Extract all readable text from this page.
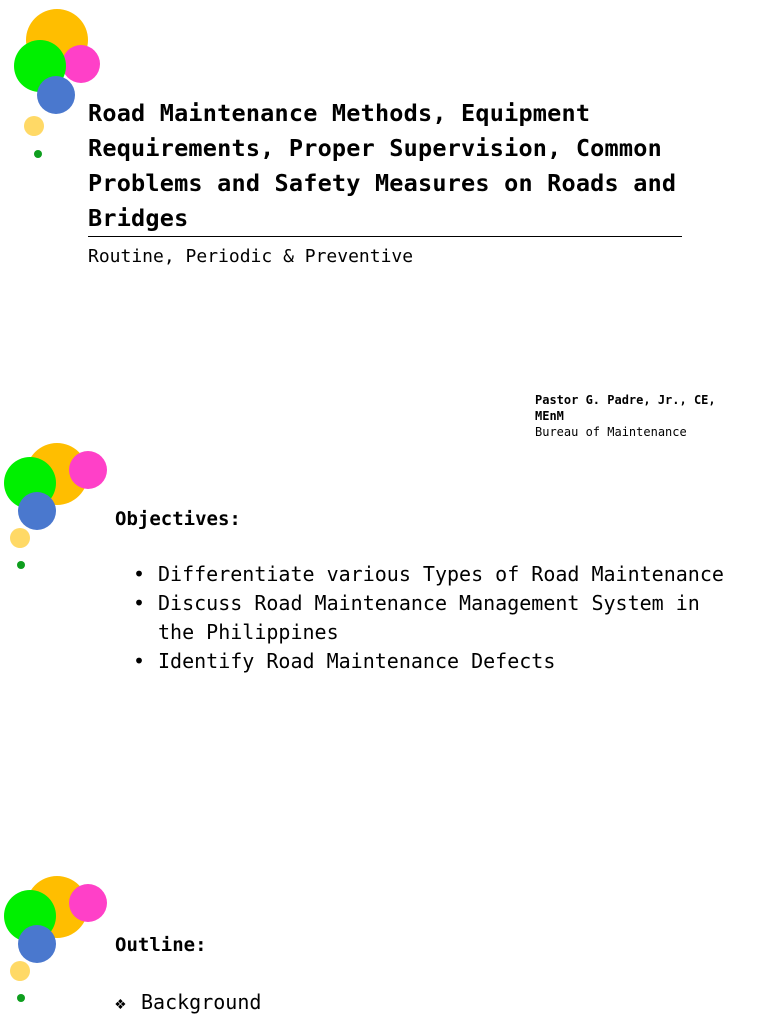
Road Maintenance Methods, Equipment Requirements, Proper Supervision, Common Problems and Safety Measures on Roads and Bridges

Routine, Periodic & Preventive

Pastor G. Padre, Jr., CE,
MEnM
Bureau of Maintenance
Objectives:
• Differentiate various Types of Road Maintenance
• Discuss Road Maintenance Management System in the Philippines
• Identify Road Maintenance Defects
Outline:
❖ Background
